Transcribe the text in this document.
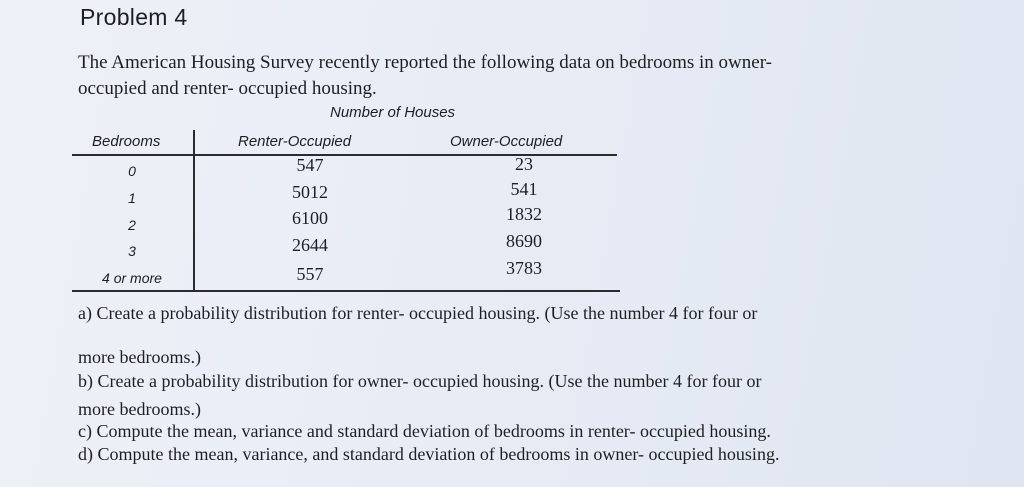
Problem 4
The American Housing Survey recently reported the following data on bedrooms in owner-
occupied and renter- occupied housing.
Number of Houses
Bedrooms	Renter-Occupied	Owner-Occupied
0	547	23
1	5012	541
2	6100	1832
3	2644	8690
4 or more	557	3783
a) Create a probability distribution for renter- occupied housing. (Use the number 4 for four or
more bedrooms.)
b) Create a probability distribution for owner- occupied housing. (Use the number 4 for four or
more bedrooms.)
c) Compute the mean, variance and standard deviation of bedrooms in renter- occupied housing.
d) Compute the mean, variance, and standard deviation of bedrooms in owner- occupied housing.
